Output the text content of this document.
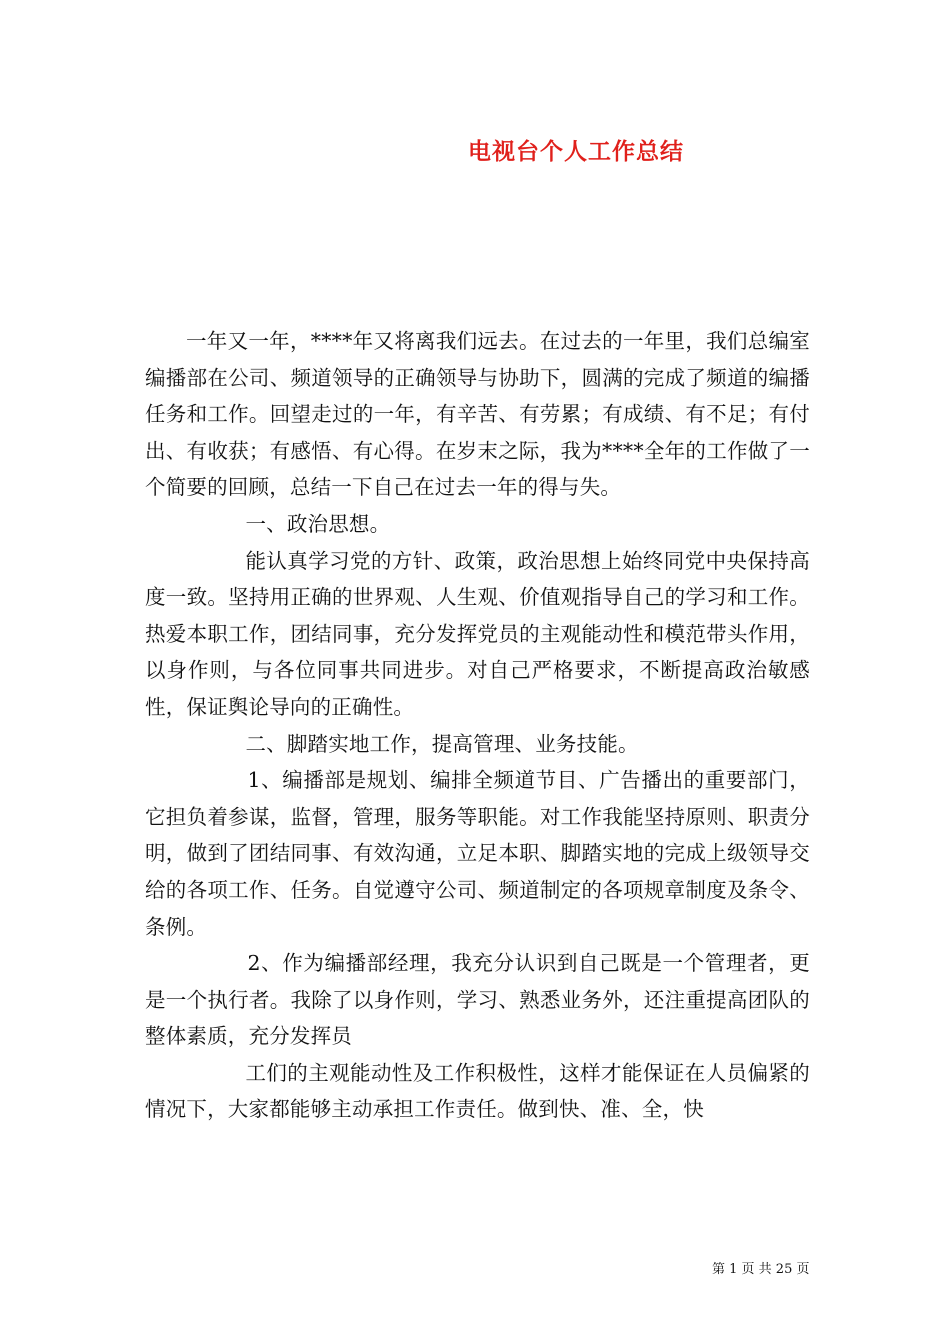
电视台个人工作总结

一年又一年，****年又将离我们远去。在过去的一年里，我们总编室编播部在公司、频道领导的正确领导与协助下，圆满的完成了频道的编播任务和工作。回望走过的一年，有辛苦、有劳累；有成绩、有不足；有付出、有收获；有感悟、有心得。在岁末之际，我为****全年的工作做了一个简要的回顾，总结一下自己在过去一年的得与失。

一、政治思想。

能认真学习党的方针、政策，政治思想上始终同党中央保持高度一致。坚持用正确的世界观、人生观、价值观指导自己的学习和工作。热爱本职工作，团结同事，充分发挥党员的主观能动性和模范带头作用，以身作则，与各位同事共同进步。对自己严格要求，不断提高政治敏感性，保证舆论导向的正确性。

二、脚踏实地工作，提高管理、业务技能。

1、编播部是规划、编排全频道节目、广告播出的重要部门，它担负着参谋，监督，管理，服务等职能。对工作我能坚持原则、职责分明，做到了团结同事、有效沟通，立足本职、脚踏实地的完成上级领导交给的各项工作、任务。自觉遵守公司、频道制定的各项规章制度及条令、条例。

2、作为编播部经理，我充分认识到自己既是一个管理者，更是一个执行者。我除了以身作则，学习、熟悉业务外，还注重提高团队的整体素质，充分发挥员

工们的主观能动性及工作积极性，这样才能保证在人员偏紧的情况下，大家都能够主动承担工作责任。做到快、准、全，快

第 1 页 共 25 页
